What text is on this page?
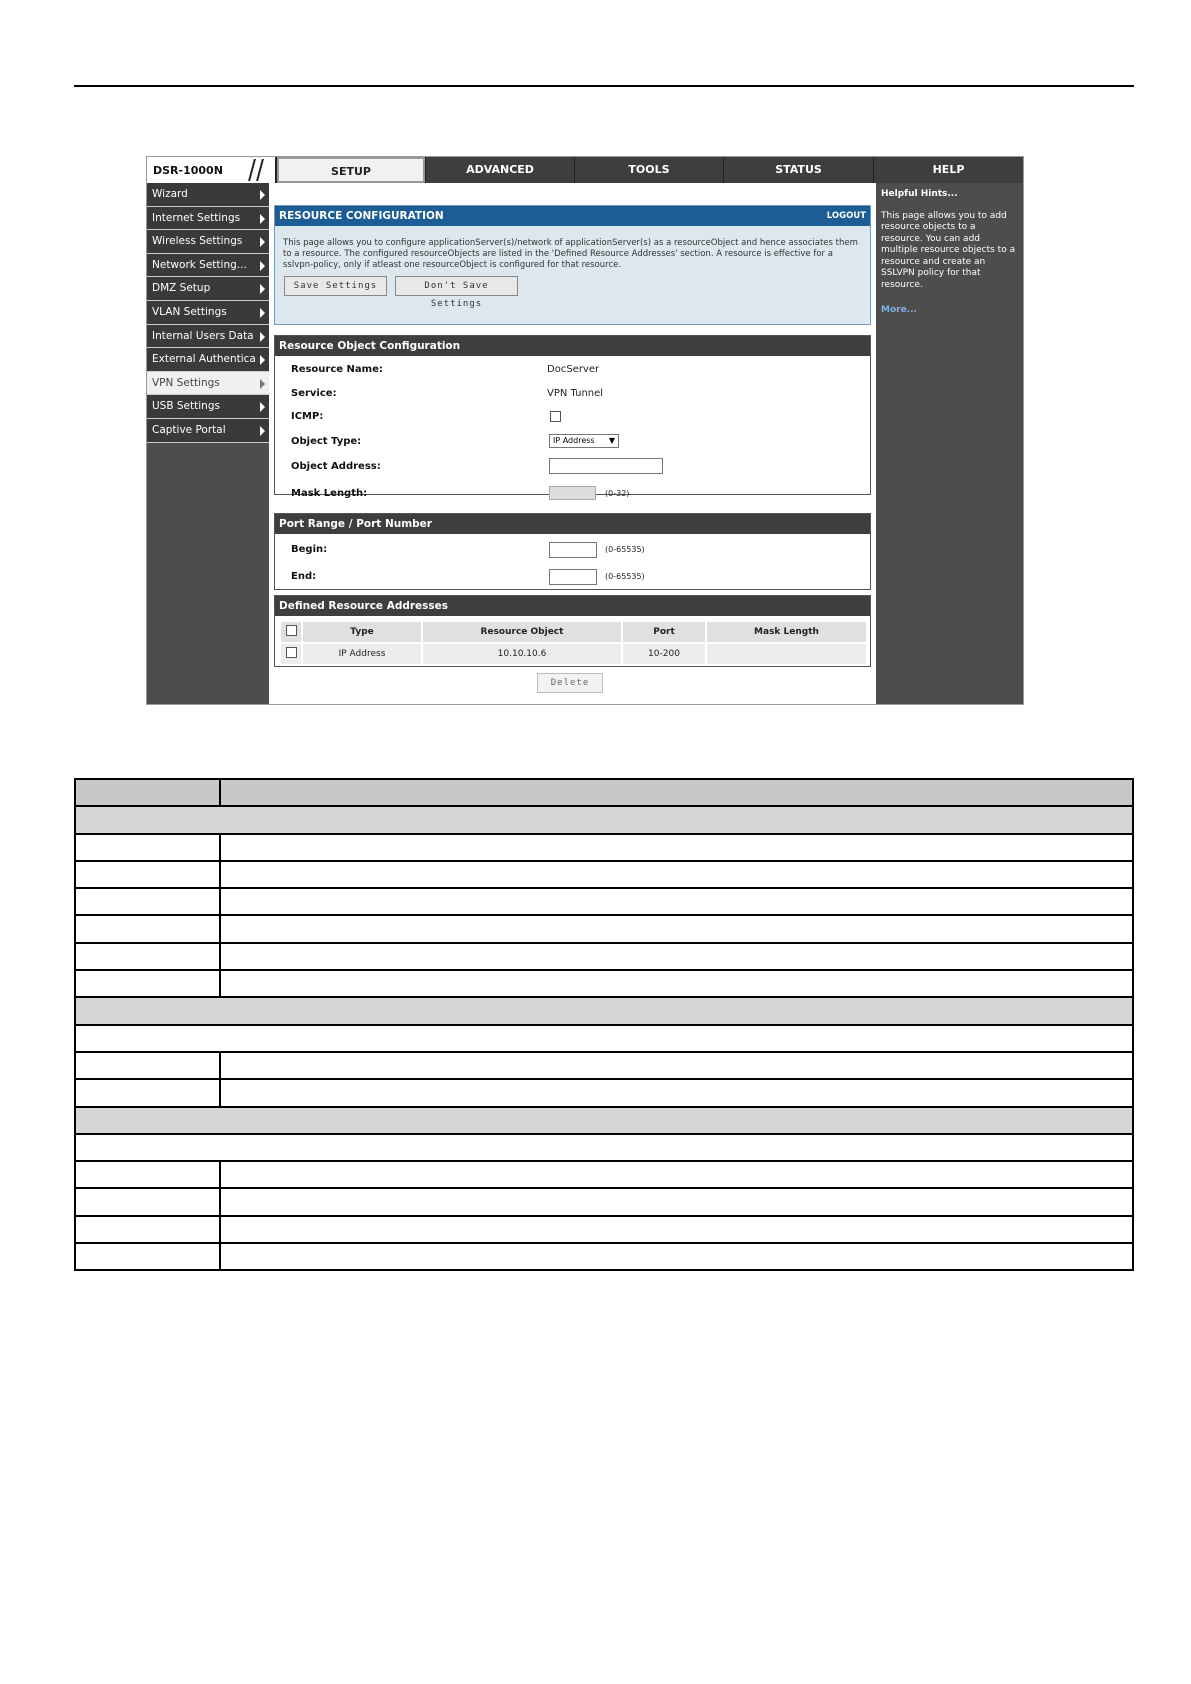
DSR-1000N	SETUP	ADVANCED	TOOLS	STATUS	HELP
Wizard
Internet Settings
Wireless Settings
Network Setting...
DMZ Setup
VLAN Settings
Internal Users Data
External Authentica
VPN Settings
USB Settings
Captive Portal
RESOURCE CONFIGURATION	LOGOUT
This page allows you to configure applicationServer(s)/network of applicationServer(s) as a resourceObject and hence associates them to a resource. The configured resourceObjects are listed in the 'Defined Resource Addresses' section. A resource is effective for a sslvpn-policy, only if atleast one resourceObject is configured for that resource.
Save Settings	Don't Save Settings
Resource Object Configuration
Resource Name:	DocServer
Service:	VPN Tunnel
ICMP:
Object Type:	IP Address ▼
Object Address:
Mask Length:	(0-32)
Port Range / Port Number
Begin:	(0-65535)
End:	(0-65535)
Defined Resource Addresses
	Type	Resource Object	Port	Mask Length
	IP Address	10.10.10.6	10-200	
Delete
Helpful Hints...
This page allows you to add resource objects to a resource. You can add multiple resource objects to a resource and create an SSLVPN policy for that resource.
More...
